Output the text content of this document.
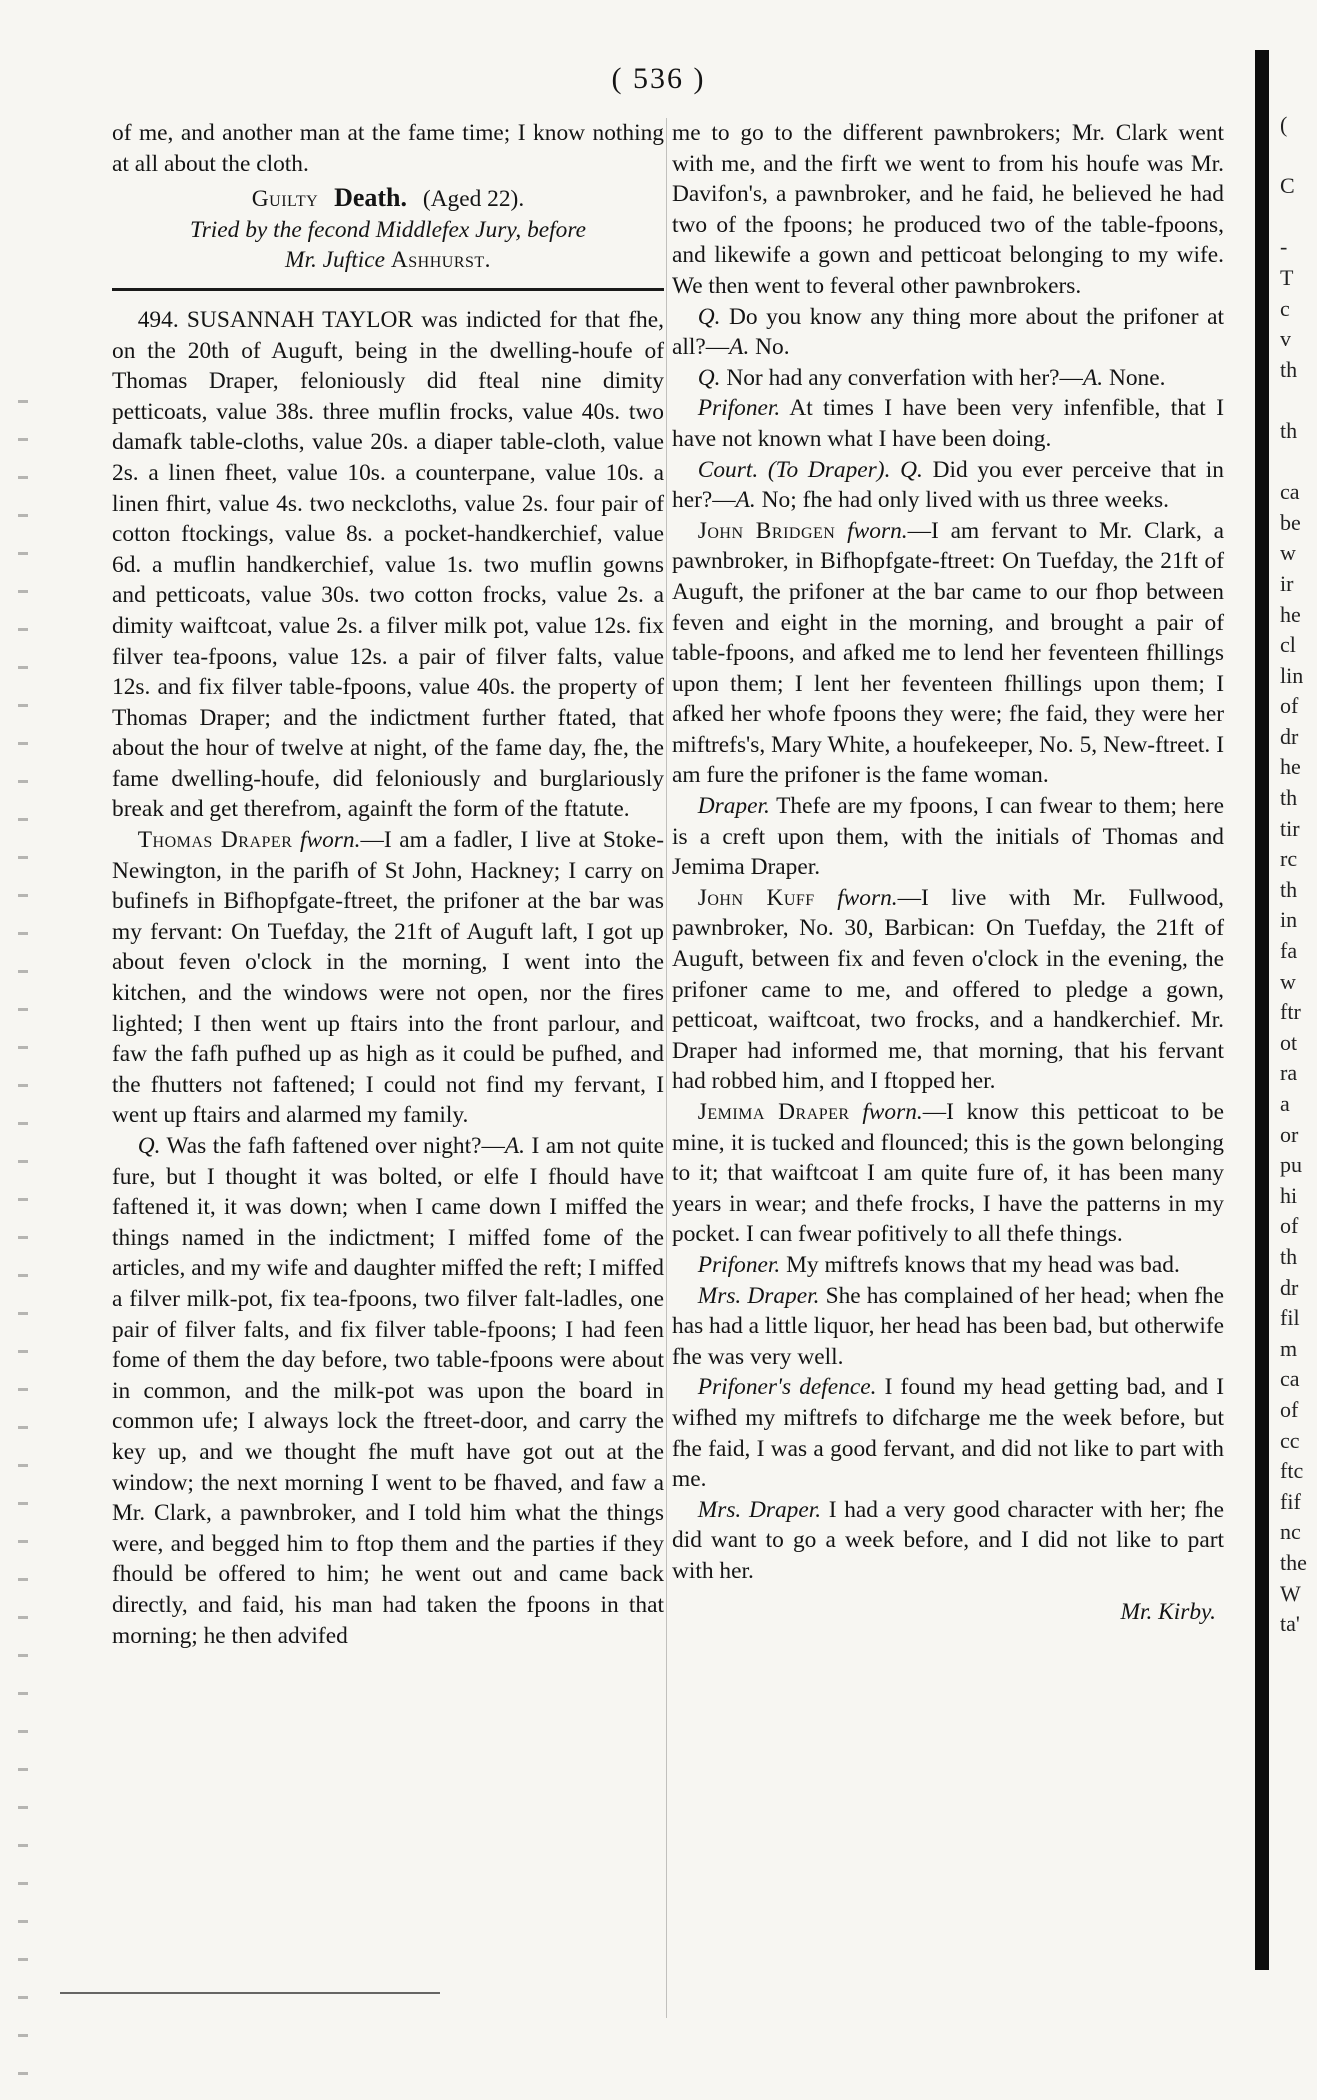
( 536 )

of me, and another man at the fame time; I know nothing at all about the cloth.

Guilty Death. (Aged 22).
Tried by the fecond Middlefex Jury, before
Mr. Juftice Ashhurst.

494. SUSANNAH TAYLOR was indicted for that fhe, on the 20th of Auguft, being in the dwelling-houfe of Thomas Draper, feloniously did fteal nine dimity petticoats, value 38s. three muflin frocks, value 40s. two damafk table-cloths, value 20s. a diaper table-cloth, value 2s. a linen fheet, value 10s. a counterpane, value 10s. a linen fhirt, value 4s. two neckcloths, value 2s. four pair of cotton ftockings, value 8s. a pocket-handkerchief, value 6d. a muflin handkerchief, value 1s. two muflin gowns and petticoats, value 30s. two cotton frocks, value 2s. a dimity waiftcoat, value 2s. a filver milk pot, value 12s. fix filver tea-fpoons, value 12s. a pair of filver falts, value 12s. and fix filver table-fpoons, value 40s. the property of Thomas Draper; and the indictment further ftated, that about the hour of twelve at night, of the fame day, fhe, the fame dwelling-houfe, did feloniously and burglariously break and get therefrom, againft the form of the ftatute.

Thomas Draper fworn.—I am a fadler, I live at Stoke-Newington, in the parifh of St John, Hackney; I carry on bufinefs in Bifhopfgate-ftreet, the prifoner at the bar was my fervant: On Tuefday, the 21ft of Auguft laft, I got up about feven o'clock in the morning, I went into the kitchen, and the windows were not open, nor the fires lighted; I then went up ftairs into the front parlour, and faw the fafh pufhed up as high as it could be pufhed, and the fhutters not faftened; I could not find my fervant, I went up ftairs and alarmed my family.

Q. Was the fafh faftened over night?—A. I am not quite fure, but I thought it was bolted, or elfe I fhould have faftened it, it was down; when I came down I miffed the things named in the indictment; I miffed fome of the articles, and my wife and daughter miffed the reft; I miffed a filver milk-pot, fix tea-fpoons, two filver falt-ladles, one pair of filver falts, and fix filver table-fpoons; I had feen fome of them the day before, two table-fpoons were about in common, and the milk-pot was upon the board in common ufe; I always lock the ftreet-door, and carry the key up, and we thought fhe muft have got out at the window; the next morning I went to be fhaved, and faw a Mr. Clark, a pawnbroker, and I told him what the things were, and begged him to ftop them and the parties if they fhould be offered to him; he went out and came back directly, and faid, his man had taken the fpoons in that morning; he then advifed

me to go to the different pawnbrokers; Mr. Clark went with me, and the firft we went to from his houfe was Mr. Davifon's, a pawnbroker, and he faid, he believed he had two of the fpoons; he produced two of the table-fpoons, and likewife a gown and petticoat belonging to my wife. We then went to feveral other pawnbrokers.

Q. Do you know any thing more about the prifoner at all?—A. No.

Q. Nor had any converfation with her?—A. None.

Prifoner. At times I have been very infenfible, that I have not known what I have been doing.

Court. (To Draper). Q. Did you ever perceive that in her?—A. No; fhe had only lived with us three weeks.

John Bridgen fworn.—I am fervant to Mr. Clark, a pawnbroker, in Bifhopfgate-ftreet: On Tuefday, the 21ft of Auguft, the prifoner at the bar came to our fhop between feven and eight in the morning, and brought a pair of table-fpoons, and afked me to lend her feventeen fhillings upon them; I lent her feventeen fhillings upon them; I afked her whofe fpoons they were; fhe faid, they were her miftrefs's, Mary White, a houfekeeper, No. 5, New-ftreet. I am fure the prifoner is the fame woman.

Draper. Thefe are my fpoons, I can fwear to them; here is a creft upon them, with the initials of Thomas and Jemima Draper.

John Kuff fworn.—I live with Mr. Fullwood, pawnbroker, No. 30, Barbican: On Tuefday, the 21ft of Auguft, between fix and feven o'clock in the evening, the prifoner came to me, and offered to pledge a gown, petticoat, waiftcoat, two frocks, and a handkerchief. Mr. Draper had informed me, that morning, that his fervant had robbed him, and I ftopped her.

Jemima Draper fworn.—I know this petticoat to be mine, it is tucked and flounced; this is the gown belonging to it; that waiftcoat I am quite fure of, it has been many years in wear; and thefe frocks, I have the patterns in my pocket. I can fwear pofitively to all thefe things.

Prifoner. My miftrefs knows that my head was bad.

Mrs. Draper. She has complained of her head; when fhe has had a little liquor, her head has been bad, but otherwife fhe was very well.

Prifoner's defence. I found my head getting bad, and I wifhed my miftrefs to difcharge me the week before, but fhe faid, I was a good fervant, and did not like to part with me.

Mrs. Draper. I had a very good character with her; fhe did want to go a week before, and I did not like to part with her.

Mr. Kirby.
(

C

-
T
c
v
th

th

ca
be
w
ir
he
cl
lin
of
dr
he
th
tir
rc
th
in
fa
w
ftr
ot
ra
a
or
pu
hi
of
th
dr
fil
m
ca
of
cc
ftc
fif
nc
the
W
ta'
